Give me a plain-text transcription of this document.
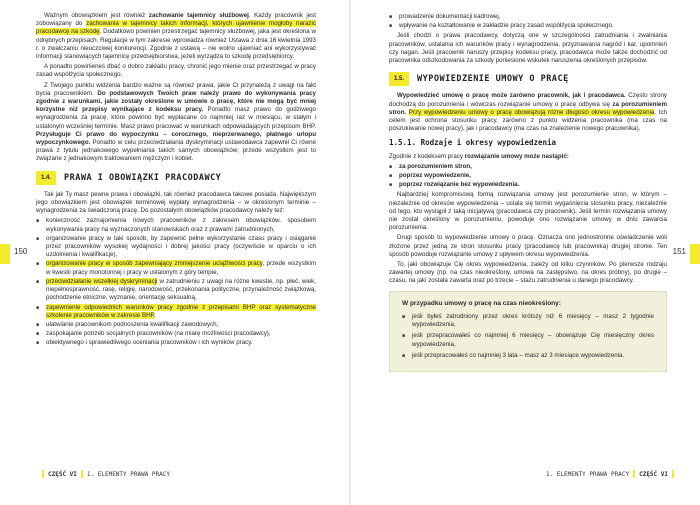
150

Ważnym obowiązkiem jest również zachowanie tajemnicy służbowej. Każdy pracownik jest zobowiązany do zachowania w tajemnicy takich informacji, których ujawnienie mogłoby narazić pracodawcę na szkodę. Dodatkowo powinien przestrzegać tajemnicy służbowej, jaka jest określona w odrębnych przepisach. Regulacje w tym zakresie wprowadza również Ustawa z dnia 16 kwietnia 1993 r. o zwalczaniu nieuczciwej konkurencji. Zgodnie z ustawą – nie wolno ujawniać ani wykorzystywać informacji stanowiących tajemnicę przedsiębiorstwa, jeżeli wyrządza to szkodę przedsiębiorcy.

A ponadto powinieneś dbać o dobro zakładu pracy, chronić jego mienie oraz przestrzegać w pracy zasad współżycia społecznego.

Z Twojego punktu widzenia bardzo ważne są również prawa, jakie Ci przynależą z uwagi na fakt bycia pracownikiem. Do podstawowych Twoich praw należy prawo do wykonywania pracy zgodnie z warunkami, jakie zostały określone w umowie o pracę, które nie mogą być mniej korzystne niż przepisy wynikające z kodeksu pracy. Ponadto masz prawo do godziwego wynagrodzenia za pracę, które powinno być wypłacane co najmniej raz w miesiącu, w stałym i ustalonym wcześniej terminie. Masz prawo pracować w warunkach odpowiadających przepisom BHP. Przysługuje Ci prawo do wypoczynku – corocznego, nieprzerwanego, płatnego urlopu wypoczynkowego. Ponadto w celu przeciwdziałania dyskryminacji ustawodawca zapewnił Ci równe prawa z tytułu jednakowego wypełniania takich samych obowiązków; przede wszystkim jest to związane z jednakowym traktowaniem mężczyzn i kobiet.

1.4.	PRAWA I OBOWIĄZKI PRACODAWCY

Tak jak Ty masz pewne prawa i obowiązki, tak również pracodawca takowe posiada. Największym jego obowiązkiem jest obowiązek terminowej wypłaty wynagrodzenia – w określonym terminie – wynagrodzenia za świadczoną pracę. Do pozostałych obowiązków pracodawcy należy też:

■ konieczność zaznajomienia nowych pracowników z zakresem obowiązków, sposobem wykonywania pracy na wyznaczonych stanowiskach oraz z prawami zatrudnionych,
■ organizowanie pracy w taki sposób, by zapewnić pełne wykorzystanie czasu pracy i osiąganie przez pracowników wysokiej wydajności i dobrej jakości pracy (oczywiście w oparciu o ich uzdolnienia i kwalifikacje),
■ organizowanie pracy w sposób zapewniający zmniejszenie uciążliwości pracy, przede wszystkim w kwestii pracy monotonnej i pracy w ustalonym z góry tempie,
■ przeciwdziałanie wszelkiej dyskryminacji w zatrudnieniu z uwagi na różne kwestie, np. płeć, wiek, niepełnosprawność, rasę, religię, narodowość, przekonania polityczne, przynależność związkową, pochodzenie etniczne, wyznanie, orientację seksualną,
■ zapewnienie odpowiednich warunków pracy zgodnie z przepisami BHP oraz systematyczne szkolenie pracowników w zakresie BHP,
■ ułatwianie pracownikom podnoszenia kwalifikacji zawodowych,
■ zaspokajanie potrzeb socjalnych pracowników (na miarę możliwości pracodawcy),
■ obiektywnego i sprawiedliwego oceniania pracowników i ich wyników pracy.
CZĘŚĆ VI 1. ELEMENTY PRAWA PRACY
151
■ prowadzenie dokumentacji kadrowej,
■ wpływanie na kształtowanie w zakładzie pracy zasad współżycia społecznego.

Jeśli chodzi o prawa pracodawcy, dotyczą one w szczególności zatrudniania i zwalniania pracowników, ustalania ich warunków pracy i wynagrodzenia, przyznawania nagród i kar, upomnień czy nagan. Jeśli pracownik naruszy przepisy kodeksu pracy, pracodawca może także dochodzić od pracownika odszkodowania za szkody poniesione wskutek naruszenia określonych przepisów.

1.5.	WYPOWIEDZENIE UMOWY O PRACĘ

Wypowiedzieć umowę o pracę może zarówno pracownik, jak i pracodawca. Często strony dochodzą do porozumienia i wówczas rozwiązanie umowy o pracę odbywa się za porozumieniem stron. Przy wypowiedzeniu umowy o pracę obowiązują różne długości okresu wypowiedzenia. Ich celem jest ochrona stosunku pracy, zarówno z punktu widzenia pracownika (ma czas na poszukiwanie nowej pracy), jak i pracodawcy (ma czas na znalezienie nowego pracownika).

1.5.1. Rodzaje i okresy wypowiedzenia

Zgodnie z kodeksem pracy rozwiązanie umowy może nastąpić:

■ za porozumieniem stron,
■ poprzez wypowiedzenie,
■ poprzez rozwiązanie bez wypowiedzenia.

Najbardziej kompromisową formą rozwiązania umowy jest porozumienie stron, w którym – niezależnie od okresów wypowiedzenia – ustala się termin wygaśnięcia stosunku pracy, niezależnie od tego, kto wystąpił z taką inicjatywą (pracodawca czy pracownik). Jeśli termin rozwiązania umowy nie został określony w porozumieniu, powoduje ono rozwiązanie umowy w dniu zawarcia porozumienia.

Drugi sposób to wypowiedzenie umowy o pracę. Oznacza ono jednostronne oświadczenie woli złożone przez jedną ze stron stosunku pracy (pracodawcę lub pracownika) drugiej stronie. Ten sposób powoduje rozwiązanie umowy z upływem okresu wypowiedzenia.

To, jaki obowiązuje Cię okres wypowiedzenia, zależy od kilku czynników. Po pierwsze rodzaju zawartej umowy (np. na czas nieokreślony, umowa na zastępstwo, na okres próbny), po drugie – czasu, na jaki została zawarta oraz po trzecie – stażu zatrudnienia u danego pracodawcy.

W przypadku umowy o pracę na czas nieokreślony:
■ jeśli byłeś zatrudniony przez okres krótszy niż 6 miesięcy – masz 2 tygodnie wypowiedzenia,
■ jeśli przepracowałeś co najmniej 6 miesięcy – obowiązuje Cię miesięczny okres wypowiedzenia,
■ jeśli przepracowałeś co najmniej 3 lata – masz aż 3 miesiące wypowiedzenia.
1. ELEMENTY PRAWA PRACY CZĘŚĆ VI
